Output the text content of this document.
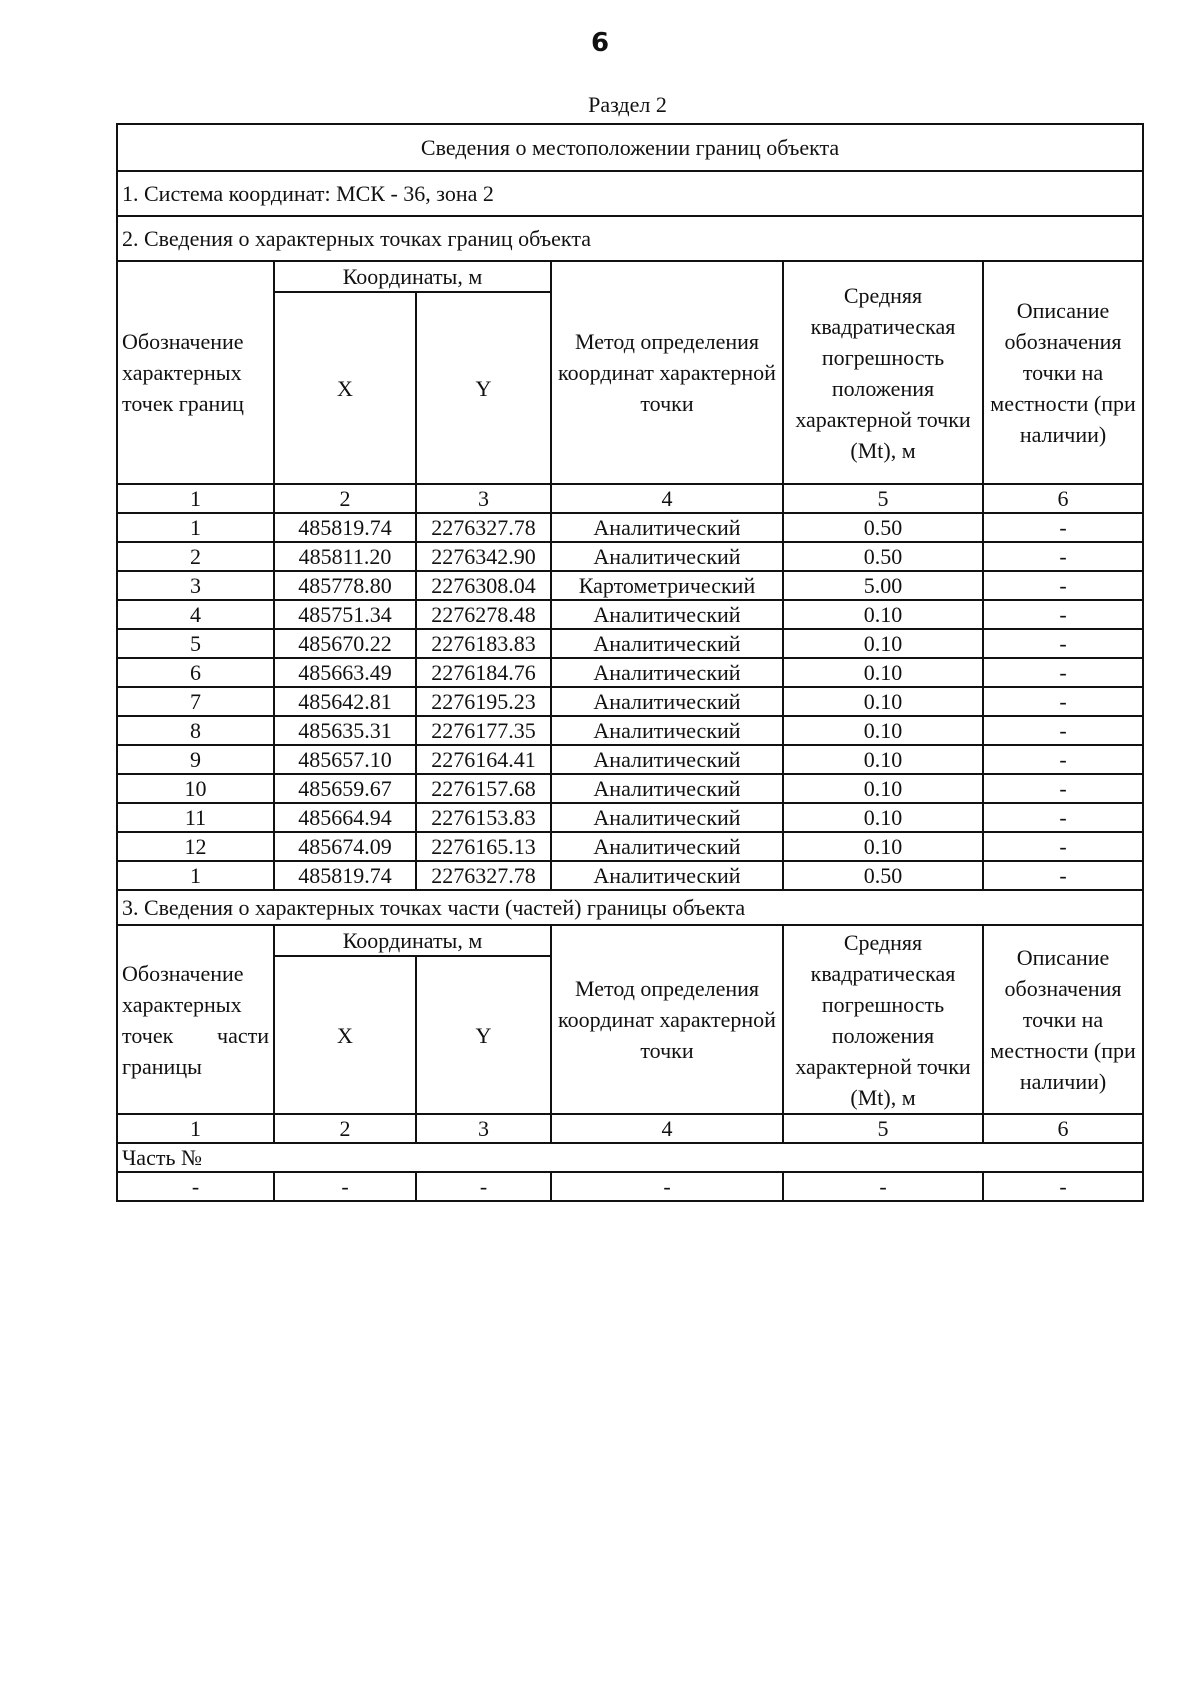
6
Раздел 2
Сведения о местоположении границ объекта					
1. Система координат: МСК - 36, зона 2					
2. Сведения о характерных точках границ объекта					
Обозначение характерных точек границ	Координаты, м		Метод определения координат характерной точки	Средняя квадратическая погрешность положения характерной точки (Mt), м	Описание обозначения точки на местности (при наличии)
	X	Y			
1	2	3	4	5	6
1	485819.74	2276327.78	Аналитический	0.50	-
2	485811.20	2276342.90	Аналитический	0.50	-
3	485778.80	2276308.04	Картометрический	5.00	-
4	485751.34	2276278.48	Аналитический	0.10	-
5	485670.22	2276183.83	Аналитический	0.10	-
6	485663.49	2276184.76	Аналитический	0.10	-
7	485642.81	2276195.23	Аналитический	0.10	-
8	485635.31	2276177.35	Аналитический	0.10	-
9	485657.10	2276164.41	Аналитический	0.10	-
10	485659.67	2276157.68	Аналитический	0.10	-
11	485664.94	2276153.83	Аналитический	0.10	-
12	485674.09	2276165.13	Аналитический	0.10	-
1	485819.74	2276327.78	Аналитический	0.50	-
3. Сведения о характерных точках части (частей) границы объекта					
Обозначение характерных точек части границы	Координаты, м		Метод определения координат характерной точки	Средняя квадратическая погрешность положения характерной точки (Mt), м	Описание обозначения точки на местности (при наличии)
	X	Y			
1	2	3	4	5	6
Часть №					
-	-	-	-	-	-
